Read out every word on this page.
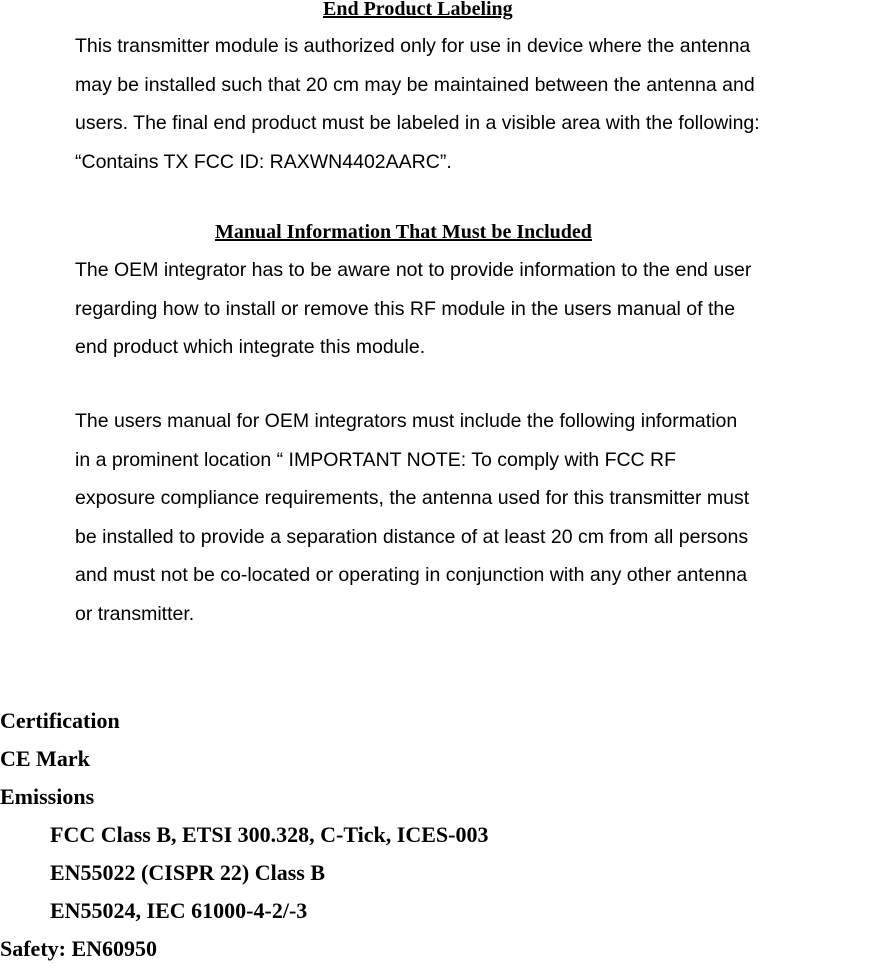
End Product Labeling

This transmitter module is authorized only for use in device where the antenna
may be installed such that 20 cm may be maintained between the antenna and
users. The final end product must be labeled in a visible area with the following:
“Contains TX FCC ID: RAXWN4402AARC”.

Manual Information That Must be Included

The OEM integrator has to be aware not to provide information to the end user
regarding how to install or remove this RF module in the users manual of the
end product which integrate this module.

The users manual for OEM integrators must include the following information
in a prominent location “ IMPORTANT NOTE: To comply with FCC RF
exposure compliance requirements, the antenna used for this transmitter must
be installed to provide a separation distance of at least 20 cm from all persons
and must not be co-located or operating in conjunction with any other antenna
or transmitter.

Certification
CE Mark
Emissions
FCC Class B, ETSI 300.328, C-Tick, ICES-003
EN55022 (CISPR 22) Class B
EN55024, IEC 61000-4-2/-3
Safety: EN60950
